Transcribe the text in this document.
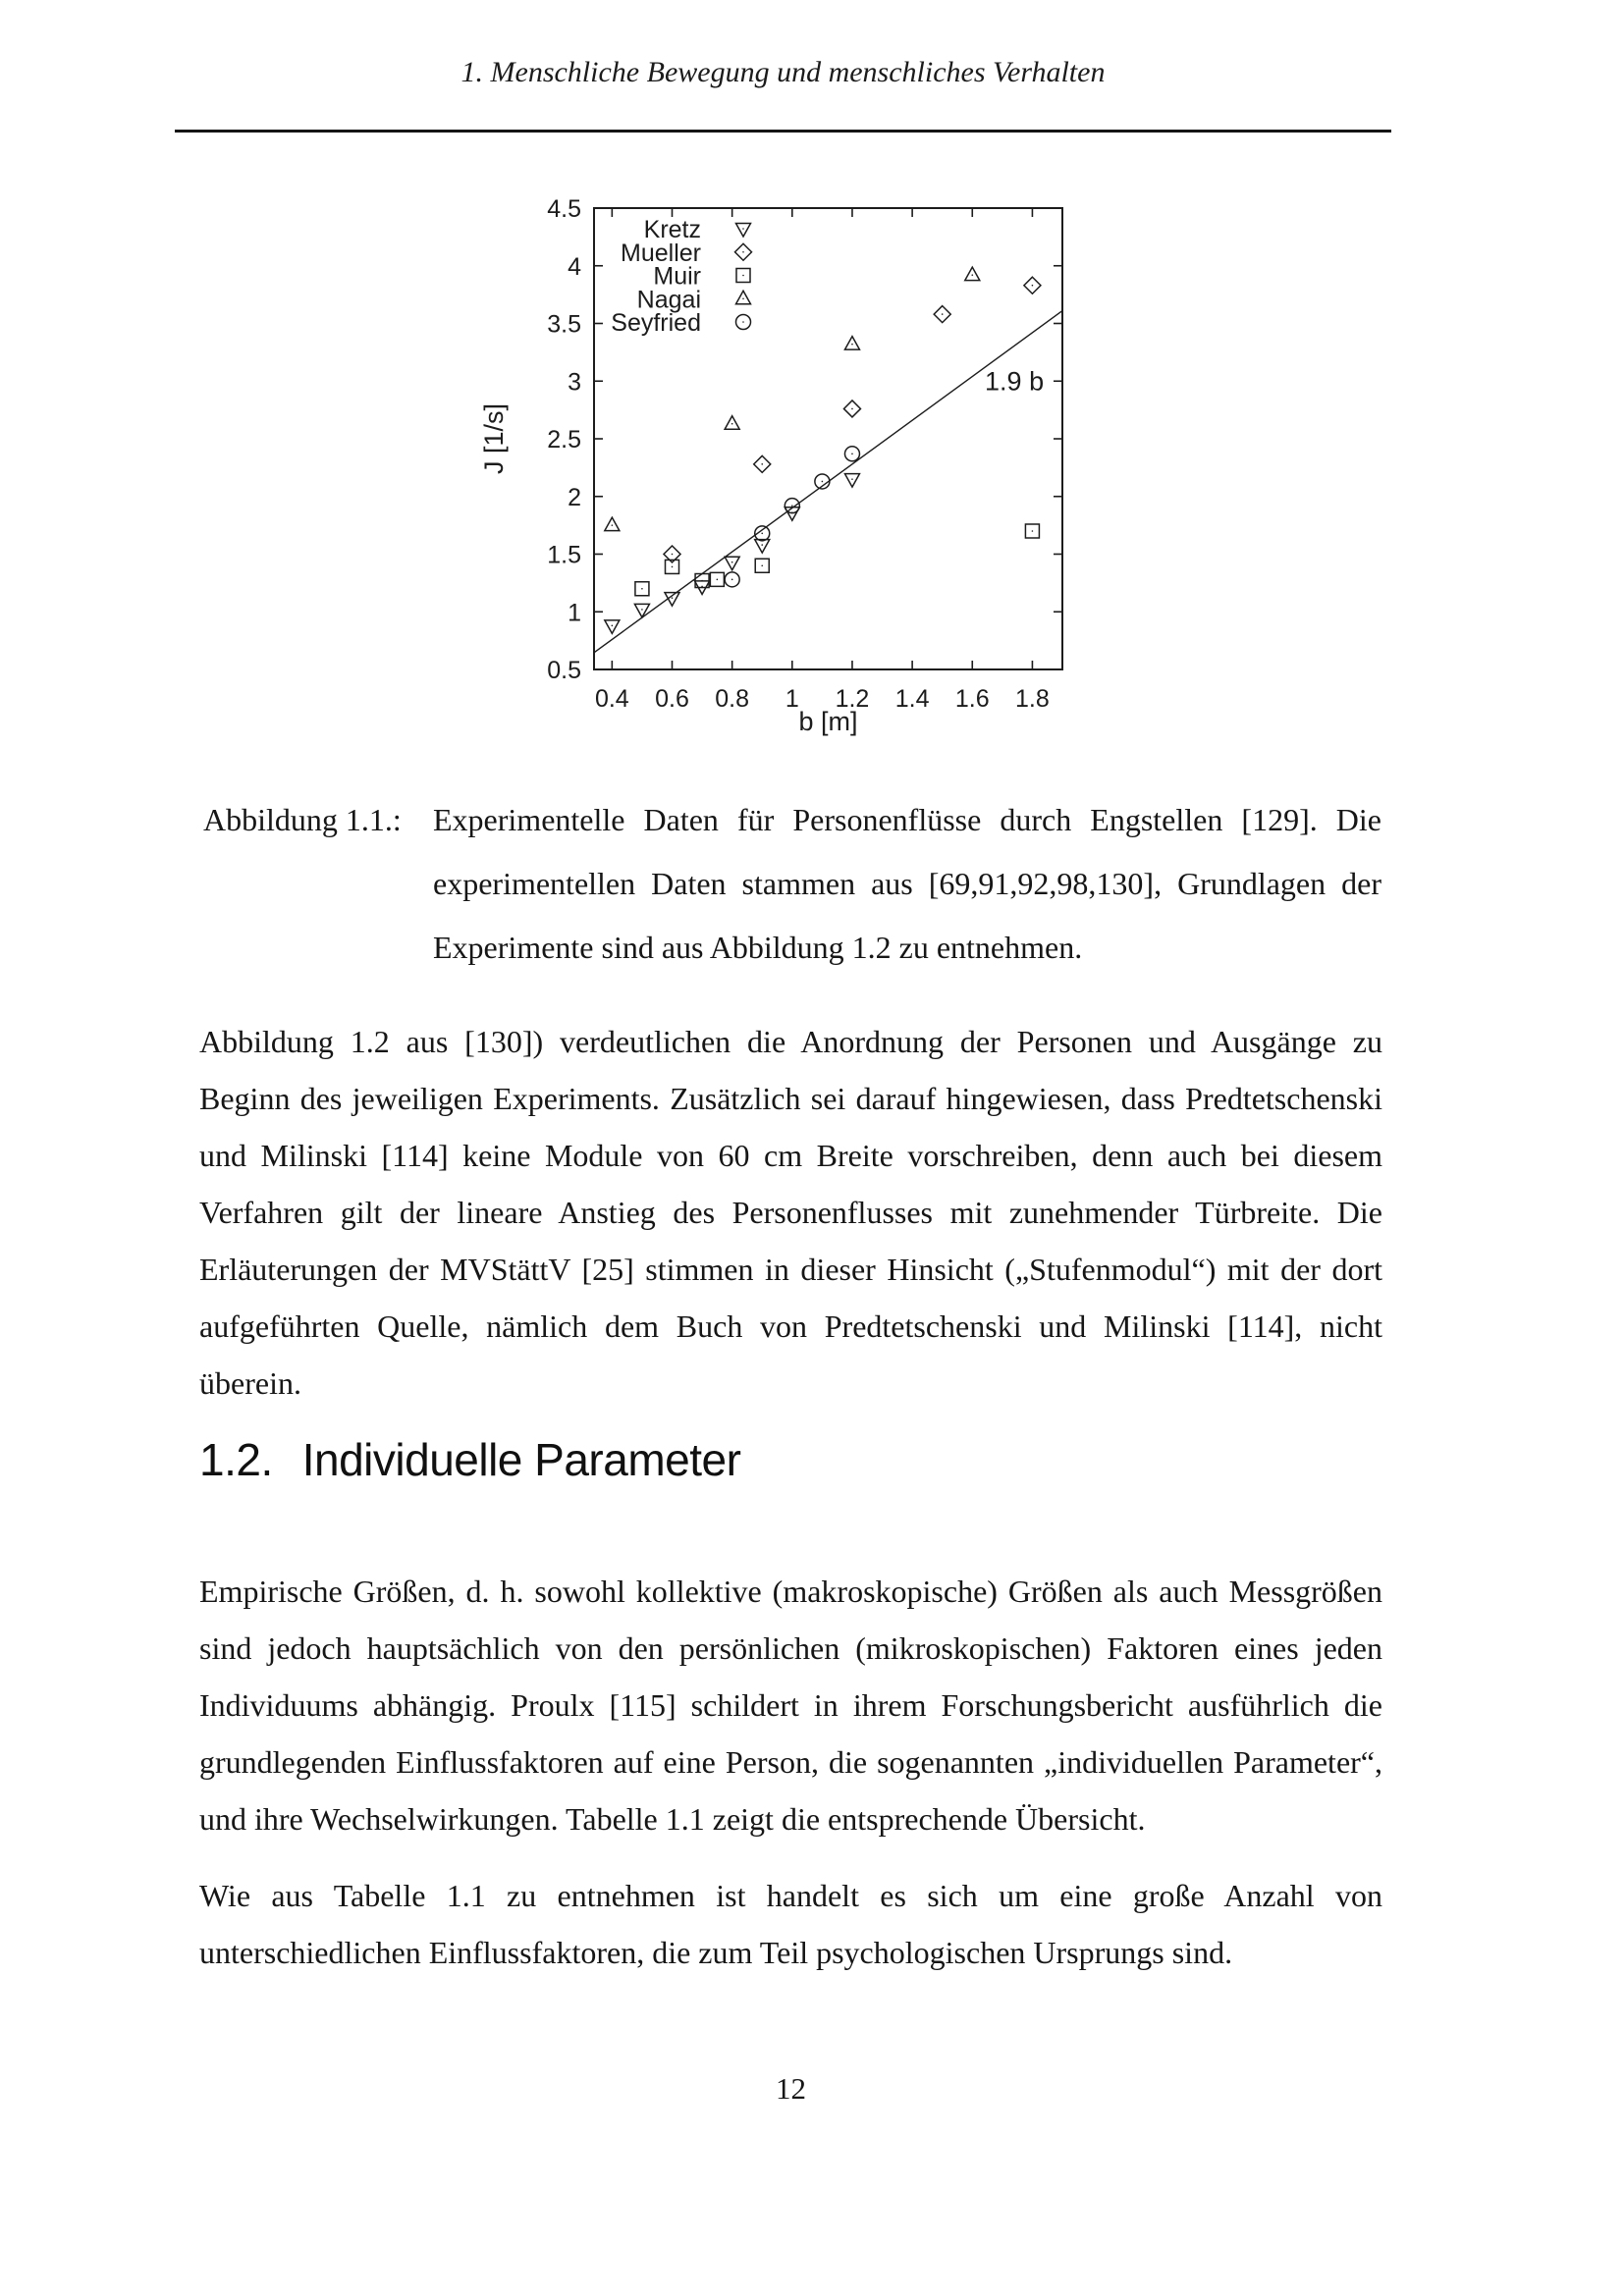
1. Menschliche Bewegung und menschliches Verhalten
0.4 0.6 0.8 1 1.2 1.4 1.6 1.8
0.5
1
1.5
2
2.5
3
3.5
4
4.5
1.9 b
Kretz
Mueller
Muir
Nagai
Seyfried
b [m]
J [1/s]
Abbildung 1.1.:	Experimentelle Daten für Personenflüsse durch Engstellen [129]. Die experimentellen Daten stammen aus [69,91,92,98,130], Grundlagen der Experimente sind aus Abbildung 1.2 zu entnehmen.
Abbildung 1.2 aus [130]) verdeutlichen die Anordnung der Personen und Ausgänge zu Beginn des jeweiligen Experiments. Zusätzlich sei darauf hingewiesen, dass Predtetschenski und Milinski [114] keine Module von 60 cm Breite vorschreiben, denn auch bei diesem Verfahren gilt der lineare Anstieg des Personenflusses mit zunehmender Türbreite. Die Erläuterungen der MVStättV [25] stimmen in dieser Hinsicht („Stufenmodul“) mit der dort aufgeführten Quelle, nämlich dem Buch von Predtetschenski und Milinski [114], nicht überein.
1.2. Individuelle Parameter
Empirische Größen, d. h. sowohl kollektive (makroskopische) Größen als auch Messgrößen sind jedoch hauptsächlich von den persönlichen (mikroskopischen) Faktoren eines jeden Individuums abhängig. Proulx [115] schildert in ihrem Forschungsbericht ausführlich die grundlegenden Einflussfaktoren auf eine Person, die sogenannten „individuellen Parameter“, und ihre Wechselwirkungen. Tabelle 1.1 zeigt die entsprechende Übersicht.
Wie aus Tabelle 1.1 zu entnehmen ist handelt es sich um eine große Anzahl von unterschiedlichen Einflussfaktoren, die zum Teil psychologischen Ursprungs sind.
12
